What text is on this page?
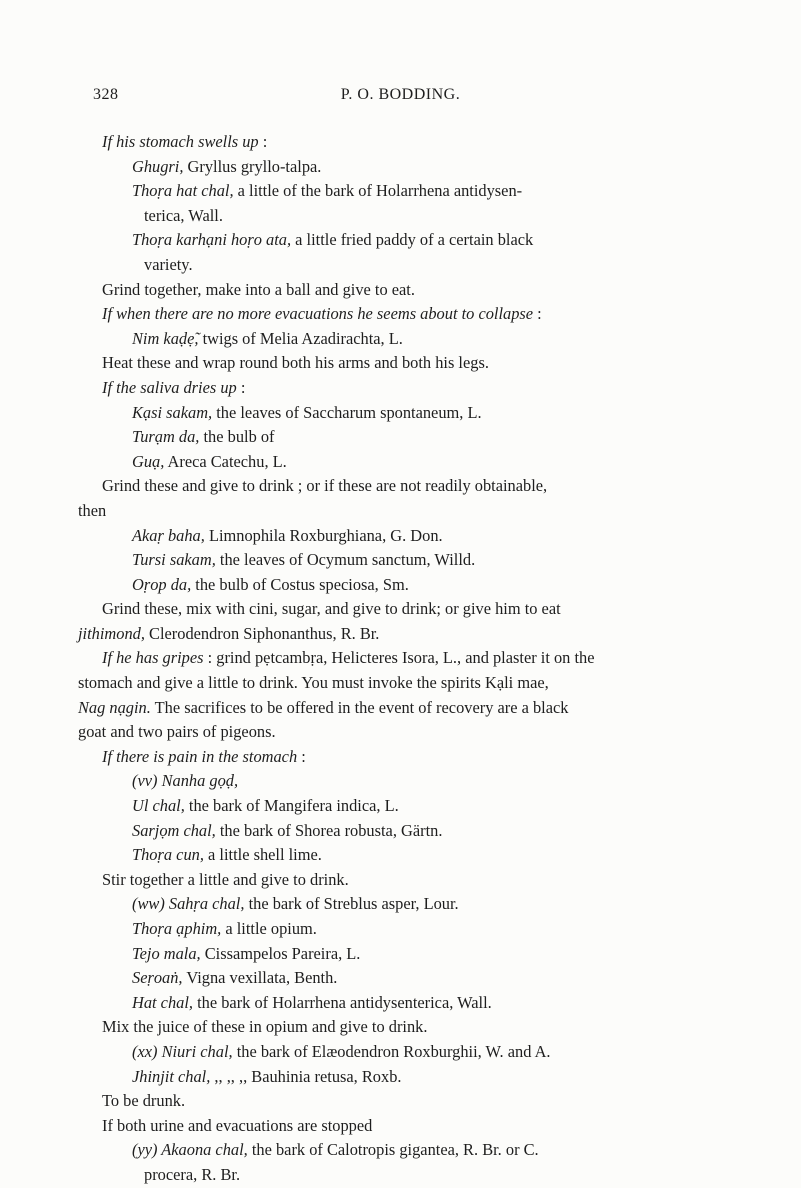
328	P. O. BODDING.
If his stomach swells up :
Ghugri, Gryllus gryllo-talpa.
Thoṛa hat chal, a little of the bark of Holarrhena antidysen-
terica, Wall.
Thoṛa karhạni hoṛo ata, a little fried paddy of a certain black
variety.
Grind together, make into a ball and give to eat.
If when there are no more evacuations he seems about to collapse :
Nim kaḍẹ̃, twigs of Melia Azadirachta, L.
Heat these and wrap round both his arms and both his legs.
If the saliva dries up :
Kạsi sakam, the leaves of Saccharum spontaneum, L.
Turạm da, the bulb of
Guạ, Areca Catechu, L.
Grind these and give to drink ; or if these are not readily obtainable,
then
Akaṛ baha, Limnophila Roxburghiana, G. Don.
Tursi sakam, the leaves of Ocymum sanctum, Willd.
Oṛop da, the bulb of Costus speciosa, Sm.
Grind these, mix with cini, sugar, and give to drink; or give him to eat
jithimond, Clerodendron Siphonanthus, R. Br.
If he has gripes : grind pẹtcambṛa, Helicteres Isora, L., and plaster it on the
stomach and give a little to drink. You must invoke the spirits Kạli mae,
Nag nạgin. The sacrifices to be offered in the event of recovery are a black
goat and two pairs of pigeons.
If there is pain in the stomach :
(vv) Nanha gọḍ,
Ul chal, the bark of Mangifera indica, L.
Sarjọm chal, the bark of Shorea robusta, Gärtn.
Thoṛa cun, a little shell lime.
Stir together a little and give to drink.
(ww) Sahṛa chal, the bark of Streblus asper, Lour.
Thoṛa ạphim, a little opium.
Tejo mala, Cissampelos Pareira, L.
Seṛoaṅ, Vigna vexillata, Benth.
Hat chal, the bark of Holarrhena antidysenterica, Wall.
Mix the juice of these in opium and give to drink.
(xx) Niuri chal, the bark of Elæodendron Roxburghii, W. and A.
Jhinjit chal, ,, ,, ,, Bauhinia retusa, Roxb.
To be drunk.
If both urine and evacuations are stopped
(yy) Akaona chal, the bark of Calotropis gigantea, R. Br. or C.
procera, R. Br.
